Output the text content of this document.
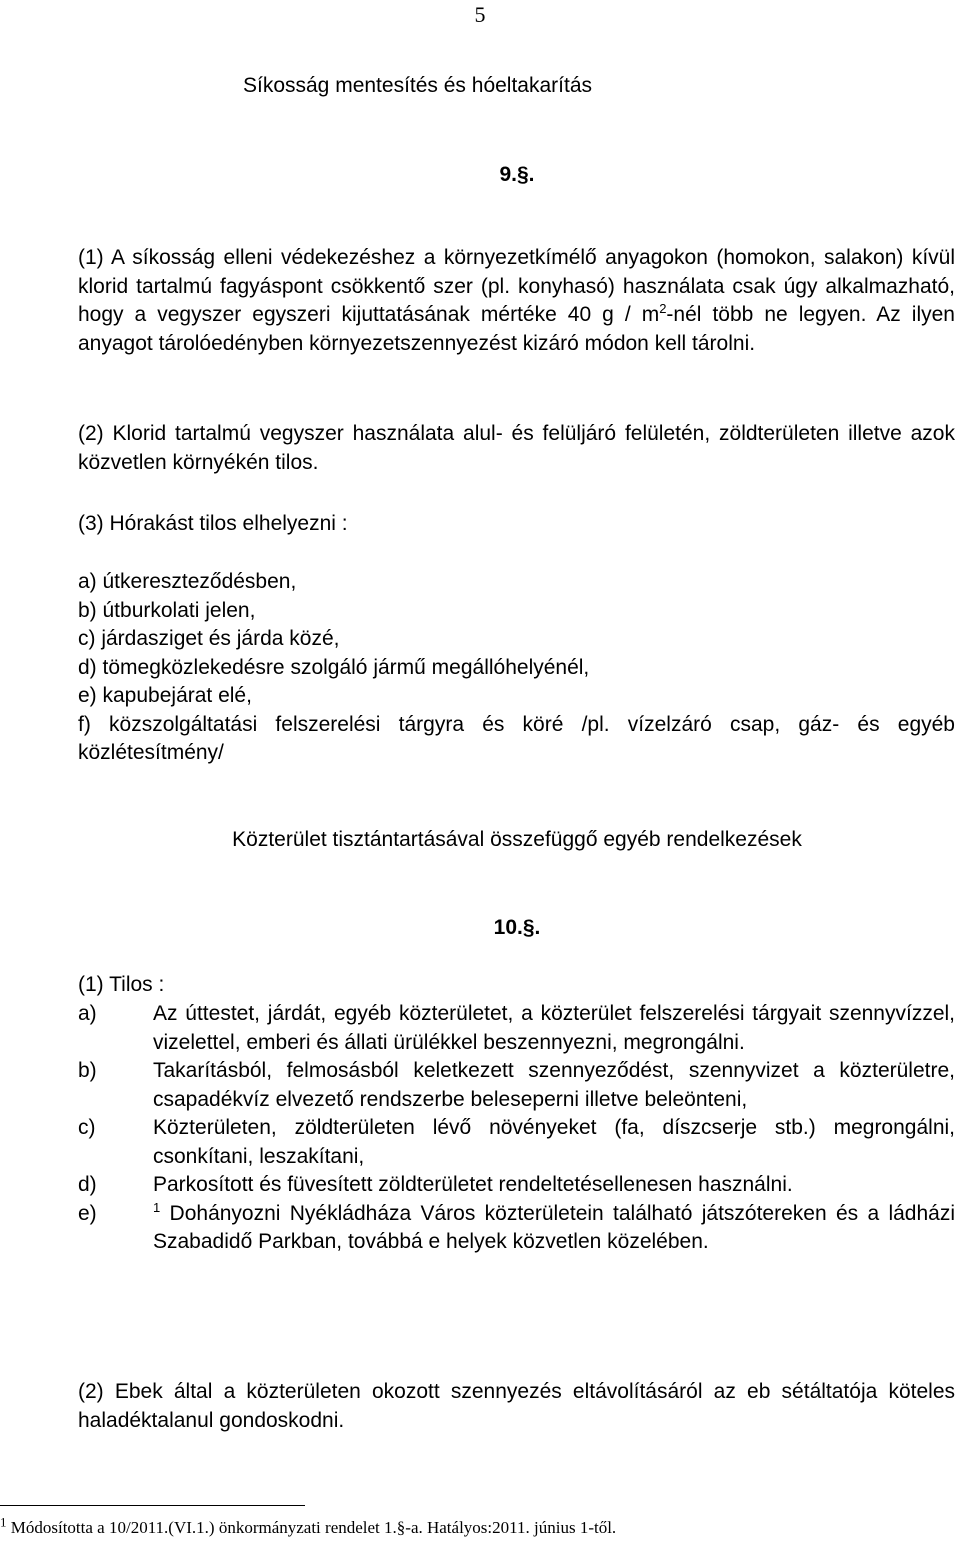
5
Síkosság mentesítés és hóeltakarítás
9.§.
(1) A síkosság elleni védekezéshez a környezetkímélő anyagokon (homokon, salakon) kívül klorid tartalmú fagyáspont csökkentő szer (pl. konyhasó) használata csak úgy alkalmazható, hogy a vegyszer egyszeri kijuttatásának mértéke 40 g / $m^2$-nél több ne legyen. Az ilyen anyagot tárolóedényben környezetszennyezést kizáró módon kell tárolni.
(2) Klorid tartalmú vegyszer használata alul- és felüljáró felületén, zöldterületen illetve azok közvetlen környékén tilos.
(3) Hórakást tilos elhelyezni :
a) útkereszteződésben,
b) útburkolati jelen,
c) járdasziget és járda közé,
d) tömegközlekedésre szolgáló jármű megállóhelyénél,
e) kapubejárat elé,
f) közszolgáltatási felszerelési tárgyra és köré /pl. vízelzáró csap, gáz- és egyéb közlétesítmény/
Közterület tisztántartásával összefüggő egyéb rendelkezések
10.§.
(1) Tilos :
a)	Az úttestet, járdát, egyéb közterületet, a közterület felszerelési tárgyait szennyvízzel, vizelettel, emberi és állati ürülékkel beszennyezni, megrongálni.
b)	Takarításból, felmosásból keletkezett szennyeződést, szennyvizet a közterületre, csapadékvíz elvezető rendszerbe beleseperni illetve beleönteni,
c)	Közterületen, zöldterületen lévő növényeket (fa, díszcserje stb.) megrongálni, csonkítani, leszakítani,
d)	Parkosított és füvesített zöldterületet rendeltetésellenesen használni.
e)	$^1$ Dohányozni Nyékládháza Város közterületein található játszótereken és a ládházi Szabadidő Parkban, továbbá e helyek közvetlen közelében.
(2) Ebek által a közterületen okozott szennyezés eltávolításáról az eb sétáltatója köteles haladéktalanul gondoskodni.
$^1$ Módosította a 10/2011.(VI.1.) önkormányzati rendelet 1.§-a. Hatályos:2011. június 1-től.
